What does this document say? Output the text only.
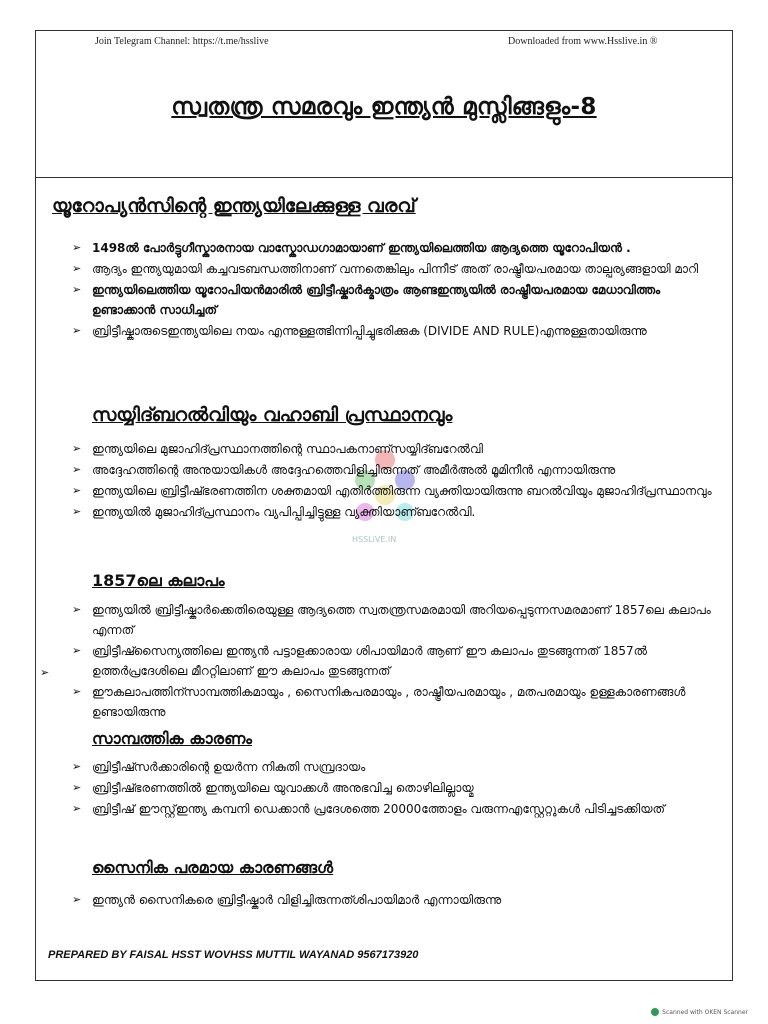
Join Telegram Channel: https://t.me/hsslive	Downloaded from www.Hsslive.in ®
സ്വതന്ത്ര സമരവും ഇന്ത്യൻ മുസ്ലിങ്ങളും-8
HSSLiVE.IN
യൂറോപ്യൻസിന്റെ ഇന്ത്യയിലേക്കുള്ള വരവ്
➢ 1498ൽ പോർട്ടുഗീസ്കാരനായ വാസ്കോഡഗാമായാണ് ഇന്ത്യയിലെത്തിയ ആദ്യത്തെ യൂറോപിയൻ .
➢ ആദ്യം ഇന്ത്യയുമായി കച്ചവടബന്ധത്തിനാണ് വന്നതെങ്കിലും പിന്നീട് അത് രാഷ്ട്രീയപരമായ താല്പര്യങ്ങളായി മാറി
➢ ഇന്ത്യയിലെത്തിയ യൂറോപിയൻമാരിൽ ബ്രിട്ടീഷ്കാർക്മാത്രം ആണ്ടഇന്ത്യയിൽ രാഷ്ട്രീയപരമായ മേധാവിത്തം ഉണ്ടാക്കാൻ സാധിച്ചത്
➢ ബ്രിട്ടീഷ്കാരുടെഇന്ത്യയിലെ നയം എന്നുള്ളത്ഭിന്നിപ്പിച്ചുഭരിക്കുക (DIVIDE AND RULE)എന്നുള്ളതായിരുന്നു
സയ്യിദ്ബറൽവിയും വഹാബി പ്രസ്ഥാനവും
➢ ഇന്ത്യയിലെ മുജാഹിദ്പ്രസ്ഥാനത്തിന്റെ സ്ഥാപകനാണ്സയ്യിദ്ബറേൽവി
➢ അദ്ദേഹത്തിന്റെ അനുയായികൾ അദ്ദേഹത്തെവിളിച്ചിരുന്നത് അമീർഅൽ മൂമിനീൻ എന്നായിരുന്നു
➢ ഇന്ത്യയിലെ ബ്രിട്ടീഷ്ഭരണത്തിന ശക്തമായി എതിർത്തിരുന്ന വ്യക്തിയായിരുന്നു ബറൽവിയും മുജാഹിദ്പ്രസ്ഥാനവും
➢ ഇന്ത്യയിൽ മുജാഹിദ്പ്രസ്ഥാനം വ്യപിപ്പിച്ചിട്ടുള്ള വ്യക്തിയാണ്ബറേൽവി.
1857ലെ കലാപം
➢ ഇന്ത്യയിൽ ബ്രിട്ടീഷ്കാർക്കെതിരെയുള്ള ആദ്യത്തെ സ്വതന്ത്രസമരമായി അറിയപ്പെടുന്നസമരമാണ് 1857ലെ കലാപം എന്നത്
➢ ബ്രിട്ടീഷ്സൈന്യത്തിലെ ഇന്ത്യൻ പട്ടാളക്കാരായ ശിപായിമാർ ആണ് ഈ കലാപം തുടങ്ങുന്നത് 1857ൽ ഉത്തർപ്രദേശിലെ മീററ്റിലാണ് ഈ കലാപം തുടങ്ങുന്നത്
➢ ഈകലാപത്തിന്സാമ്പത്തികമായും , സൈനികപരമായും , രാഷ്ട്രീയപരമായും , മതപരമായും ഉള്ളകാരണങ്ങൾ ഉണ്ടായിരുന്നു
➢
സാമ്പത്തിക കാരണം
➢ ബ്രിട്ടീഷ്സർക്കാരിന്റെ ഉയർന്ന നികുതി സമ്പ്രദായം
➢ ബ്രിട്ടീഷ്ഭരണത്തിൽ ഇന്ത്യയിലെ യുവാക്കൾ അനുഭവിച്ച തൊഴിലില്ലായ്മ
➢ ബ്രിട്ടീഷ് ഈസ്റ്റ്ഇന്ത്യ കമ്പനി ഡെക്കാൻ പ്രദേശത്തെ 20000ത്തോളം വരുന്നഎസ്റ്റേറ്റുകൾ പിടിച്ചടക്കിയത്
സൈനിക പരമായ കാരണങ്ങൾ
➢ ഇന്ത്യൻ സൈനികരെ ബ്രിട്ടീഷ്കാർ വിളിച്ചിരുന്നത്ശിപായിമാർ എന്നായിരുന്നു
PREPARED BY FAISAL HSST WOVHSS MUTTIL WAYANAD 9567173920
Scanned with OKEN Scanner
